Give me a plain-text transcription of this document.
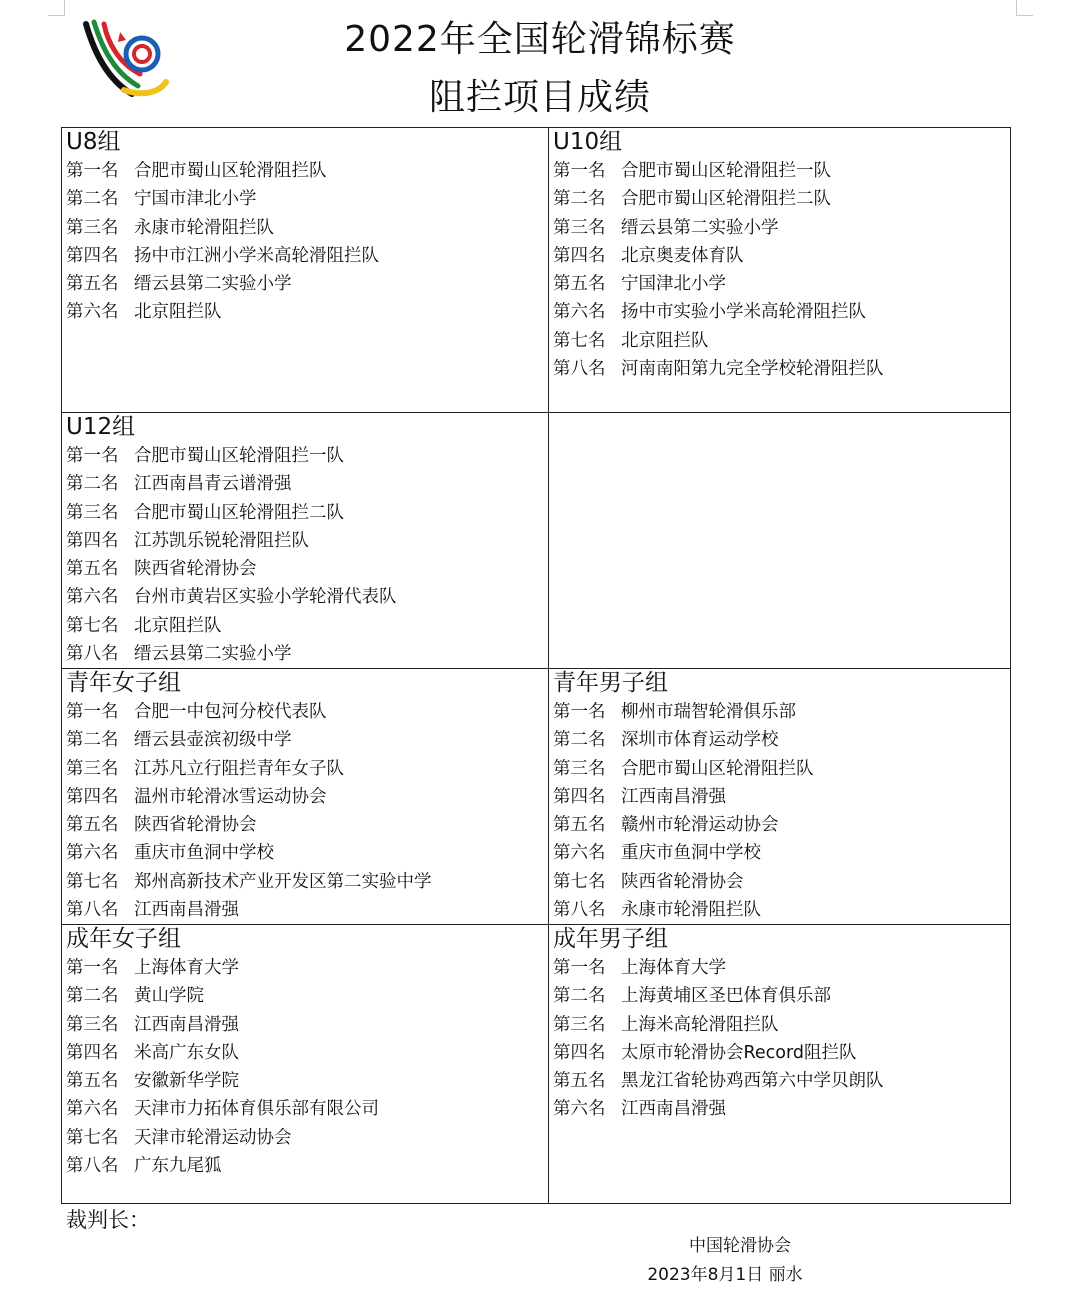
2022年全国轮滑锦标赛
阻拦项目成绩
U8组
第一名 合肥市蜀山区轮滑阻拦队
第二名 宁国市津北小学
第三名 永康市轮滑阻拦队
第四名 扬中市江洲小学米高轮滑阻拦队
第五名 缙云县第二实验小学
第六名 北京阻拦队
U10组
第一名 合肥市蜀山区轮滑阻拦一队
第二名 合肥市蜀山区轮滑阻拦二队
第三名 缙云县第二实验小学
第四名 北京奥麦体育队
第五名 宁国津北小学
第六名 扬中市实验小学米高轮滑阻拦队
第七名 北京阻拦队
第八名 河南南阳第九完全学校轮滑阻拦队
U12组
第一名 合肥市蜀山区轮滑阻拦一队
第二名 江西南昌青云谱滑强
第三名 合肥市蜀山区轮滑阻拦二队
第四名 江苏凯乐锐轮滑阻拦队
第五名 陕西省轮滑协会
第六名 台州市黄岩区实验小学轮滑代表队
第七名 北京阻拦队
第八名 缙云县第二实验小学
青年女子组
第一名 合肥一中包河分校代表队
第二名 缙云县壶滨初级中学
第三名 江苏凡立行阻拦青年女子队
第四名 温州市轮滑冰雪运动协会
第五名 陕西省轮滑协会
第六名 重庆市鱼洞中学校
第七名 郑州高新技术产业开发区第二实验中学
第八名 江西南昌滑强
青年男子组
第一名 柳州市瑞智轮滑俱乐部
第二名 深圳市体育运动学校
第三名 合肥市蜀山区轮滑阻拦队
第四名 江西南昌滑强
第五名 赣州市轮滑运动协会
第六名 重庆市鱼洞中学校
第七名 陕西省轮滑协会
第八名 永康市轮滑阻拦队
成年女子组
第一名 上海体育大学
第二名 黄山学院
第三名 江西南昌滑强
第四名 米高广东女队
第五名 安徽新华学院
第六名 天津市力拓体育俱乐部有限公司
第七名 天津市轮滑运动协会
第八名 广东九尾狐
成年男子组
第一名 上海体育大学
第二名 上海黄埔区圣巴体育俱乐部
第三名 上海米高轮滑阻拦队
第四名 太原市轮滑协会Record阻拦队
第五名 黑龙江省轮协鸡西第六中学贝朗队
第六名 江西南昌滑强
裁判长：
中国轮滑协会
2023年8月1日 丽水
